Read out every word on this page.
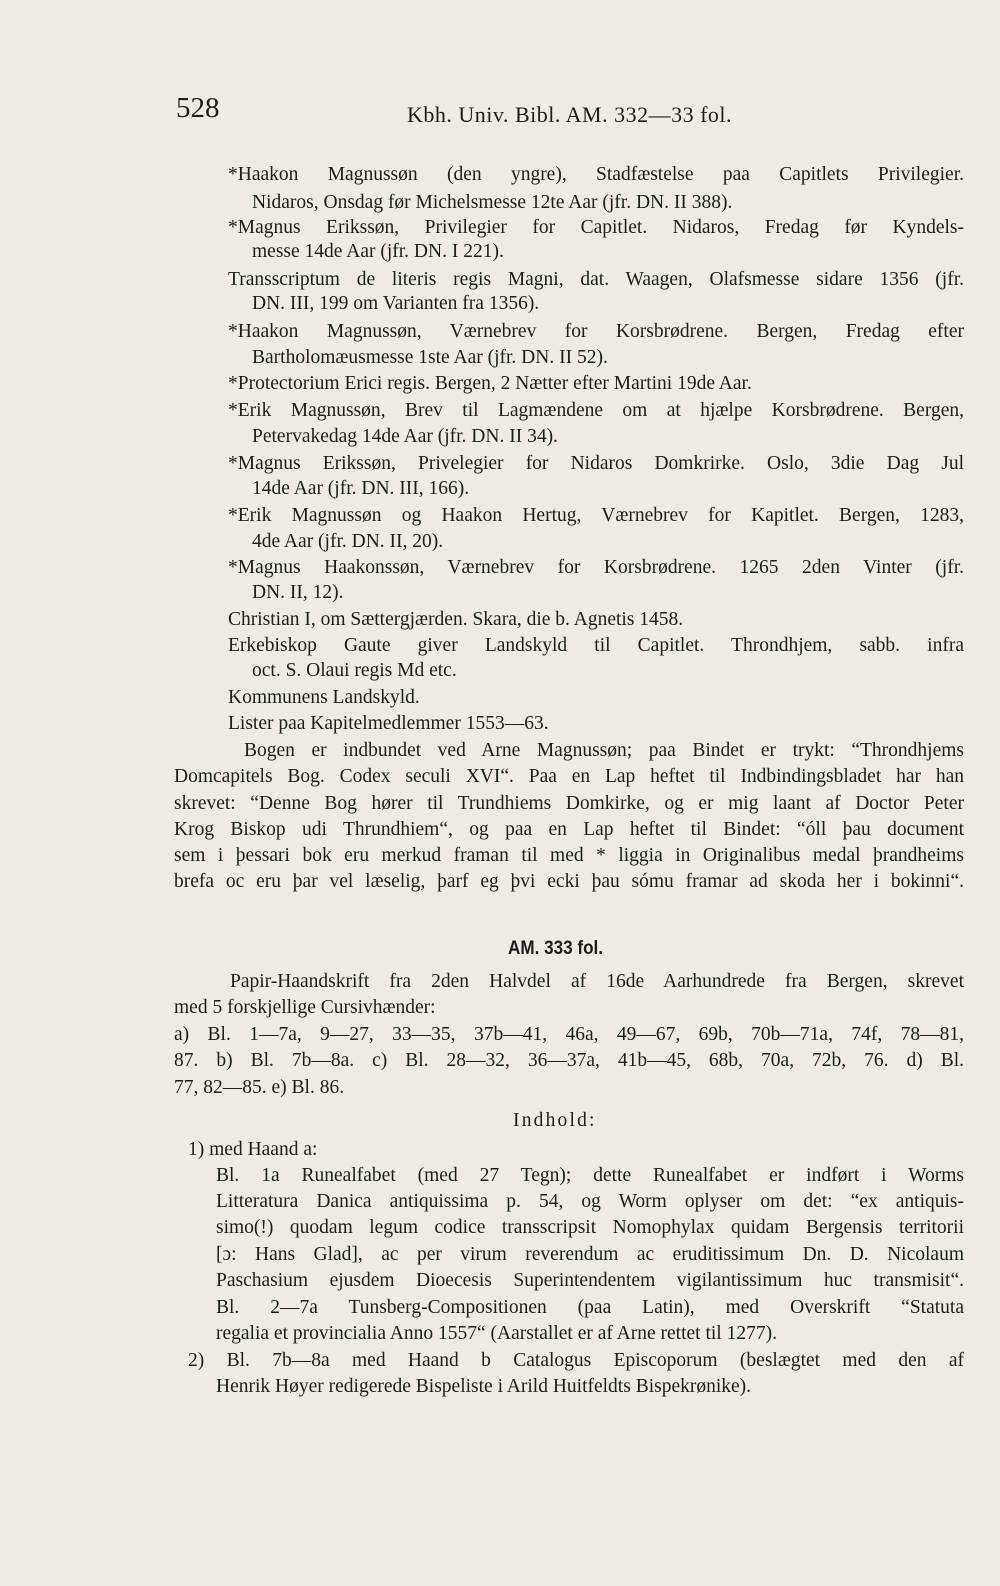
528	Kbh. Univ. Bibl. AM. 332—33 fol.
*Haakon Magnussøn (den yngre), Stadfæstelse paa Capitlets Privilegier.
Nidaros, Onsdag før Michelsmesse 12te Aar (jfr. DN. II 388).
*Magnus Erikssøn, Privilegier for Capitlet. Nidaros, Fredag før Kyndels-
messe 14de Aar (jfr. DN. I 221).
Transscriptum de literis regis Magni, dat. Waagen, Olafsmesse sidare 1356 (jfr.
DN. III, 199 om Varianten fra 1356).
*Haakon Magnussøn, Værnebrev for Korsbrødrene. Bergen, Fredag efter
Bartholomæusmesse 1ste Aar (jfr. DN. II 52).
*Protectorium Erici regis. Bergen, 2 Nætter efter Martini 19de Aar.
*Erik Magnussøn, Brev til Lagmændene om at hjælpe Korsbrødrene. Bergen,
Petervakedag 14de Aar (jfr. DN. II 34).
*Magnus Erikssøn, Privelegier for Nidaros Domkrirke. Oslo, 3die Dag Jul
14de Aar (jfr. DN. III, 166).
*Erik Magnussøn og Haakon Hertug, Værnebrev for Kapitlet. Bergen, 1283,
4de Aar (jfr. DN. II, 20).
*Magnus Haakonssøn, Værnebrev for Korsbrødrene. 1265 2den Vinter (jfr.
DN. II, 12).
Christian I, om Sættergjærden. Skara, die b. Agnetis 1458.
Erkebiskop Gaute giver Landskyld til Capitlet. Throndhjem, sabb. infra
oct. S. Olaui regis Md etc.
Kommunens Landskyld.
Lister paa Kapitelmedlemmer 1553—63.
Bogen er indbundet ved Arne Magnussøn; paa Bindet er trykt: “Throndhjems
Domcapitels Bog. Codex seculi XVI“. Paa en Lap heftet til Indbindingsbladet har han
skrevet: “Denne Bog hører til Trundhiems Domkirke, og er mig laant af Doctor Peter
Krog Biskop udi Thrundhiem“, og paa en Lap heftet til Bindet: “óll þau document
sem i þessari bok eru merkud framan til med * liggia in Originalibus medal þrandheims
brefa oc eru þar vel læselig, þarf eg þvi ecki þau sómu framar ad skoda her i bokinni“.
AM. 333 fol.
Papir-Haandskrift fra 2den Halvdel af 16de Aarhundrede fra Bergen, skrevet
med 5 forskjellige Cursivhænder:
a) Bl. 1—7a, 9—27, 33—35, 37b—41, 46a, 49—67, 69b, 70b—71a, 74f, 78—81,
87. b) Bl. 7b—8a. c) Bl. 28—32, 36—37a, 41b—45, 68b, 70a, 72b, 76. d) Bl.
77, 82—85. e) Bl. 86.
Indhold:
1) med Haand a:
Bl. 1a Runealfabet (med 27 Tegn); dette Runealfabet er indført i Worms
Litteratura Danica antiquissima p. 54, og Worm oplyser om det: “ex antiquis-
simo(!) quodam legum codice transscripsit Nomophylax quidam Bergensis territorii
[ɔ: Hans Glad], ac per virum reverendum ac eruditissimum Dn. D. Nicolaum
Paschasium ejusdem Dioecesis Superintendentem vigilantissimum huc transmisit“.
Bl. 2—7a Tunsberg-Compositionen (paa Latin), med Overskrift “Statuta
regalia et provincialia Anno 1557“ (Aarstallet er af Arne rettet til 1277).
2) Bl. 7b—8a med Haand b Catalogus Episcoporum (beslægtet med den af
Henrik Høyer redigerede Bispeliste i Arild Huitfeldts Bispekrønike).
